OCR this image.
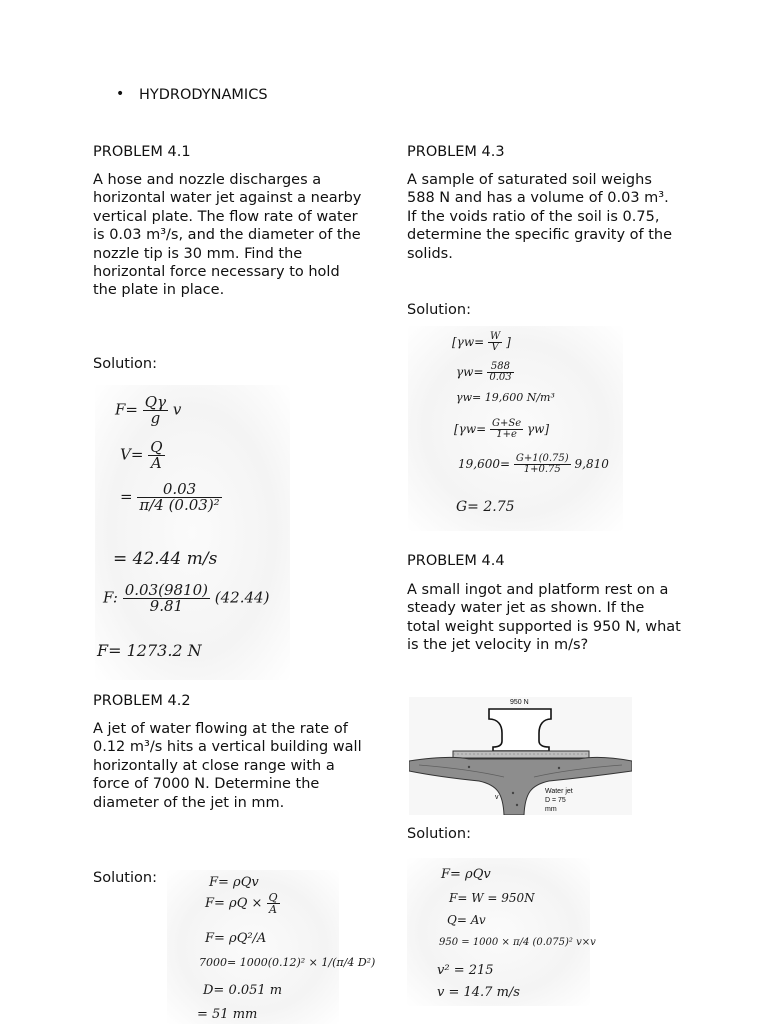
• HYDRODYNAMICS
PROBLEM 4.1
A hose and nozzle discharges a horizontal water jet against a nearby vertical plate. The flow rate of water is 0.03 m³/s, and the diameter of the nozzle tip is 30 mm. Find the horizontal force necessary to hold the plate in place.
Solution:
$F= \frac{Q\gamma}{g}$ v
$V= \frac{Q}{A}$
= $\frac{0.03}{\text{π/4 (0.03)²}}$
= 42.44 m/s
F: $\frac{0.03(9810)}{9.81} (42.44)$
F= 1273.2 N
PROBLEM 4.2
A jet of water flowing at the rate of 0.12 m³/s hits a vertical building wall horizontally at close range with a force of 7000 N. Determine the diameter of the jet in mm.
Solution:	F= ρQv
$F= \rho Q \times \frac{Q}{A}$
F= ρQ²/A
7000= 1000(0.12)² × 1/(π/4 D²)
D= 0.051 m
= 51 mm
PROBLEM 4.3
A sample of saturated soil weighs 588 N and has a volume of 0.03 m³. If the voids ratio of the soil is 0.75, determine the specific gravity of the solids.
Solution:
[$\gamma w= \frac{W}{V}$ ]
$\gamma w= \frac{588}{0.03}$
γw= 19,600 N/m³
$[\gamma w= \frac{G+Se}{1+e} \gamma w]$
$19,600= \frac{G+1(0.75)}{1+0.75} 9,810$
G= 2.75
PROBLEM 4.4
A small ingot and platform rest on a steady water jet as shown. If the total weight supported is 950 N, what is the jet velocity in m/s?
950 N
v
Water jet
D = 75
mm
Solution:
F= ρQv
F= W = 950N
Q= Av
950 = 1000 × π/4 (0.075)² v×v
v² = 215
v = 14.7 m/s
